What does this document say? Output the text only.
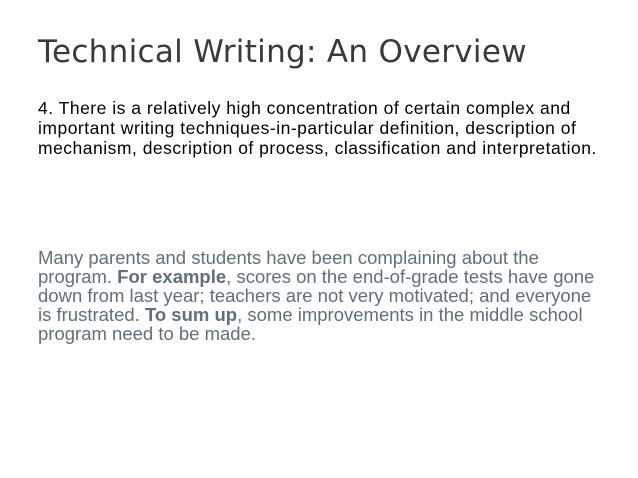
Technical Writing: An Overview

4. There is a relatively high concentration of certain complex and important writing techniques-in-particular definition, description of mechanism, description of process, classification and interpretation.

Many parents and students have been complaining about the program. For example, scores on the end-of-grade tests have gone down from last year; teachers are not very motivated; and everyone is frustrated. To sum up, some improvements in the middle school program need to be made.
